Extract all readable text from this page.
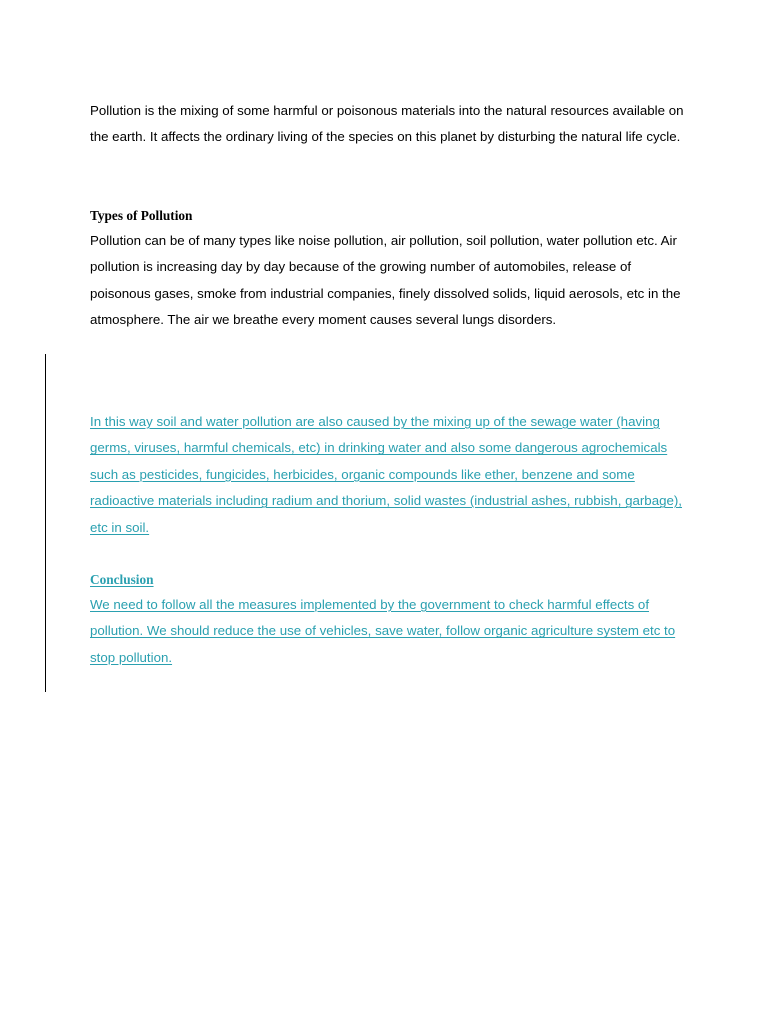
Pollution is the mixing of some harmful or poisonous materials into the natural resources available on the earth. It affects the ordinary living of the species on this planet by disturbing the natural life cycle.

Types of Pollution

Pollution can be of many types like noise pollution, air pollution, soil pollution, water pollution etc. Air pollution is increasing day by day because of the growing number of automobiles, release of poisonous gases, smoke from industrial companies, finely dissolved solids, liquid aerosols, etc in the atmosphere. The air we breathe every moment causes several lungs disorders.

In this way soil and water pollution are also caused by the mixing up of the sewage water (having germs, viruses, harmful chemicals, etc) in drinking water and also some dangerous agrochemicals such as pesticides, fungicides, herbicides, organic compounds like ether, benzene and some radioactive materials including radium and thorium, solid wastes (industrial ashes, rubbish, garbage), etc in soil.

Conclusion

We need to follow all the measures implemented by the government to check harmful effects of pollution. We should reduce the use of vehicles, save water, follow organic agriculture system etc to stop pollution.
